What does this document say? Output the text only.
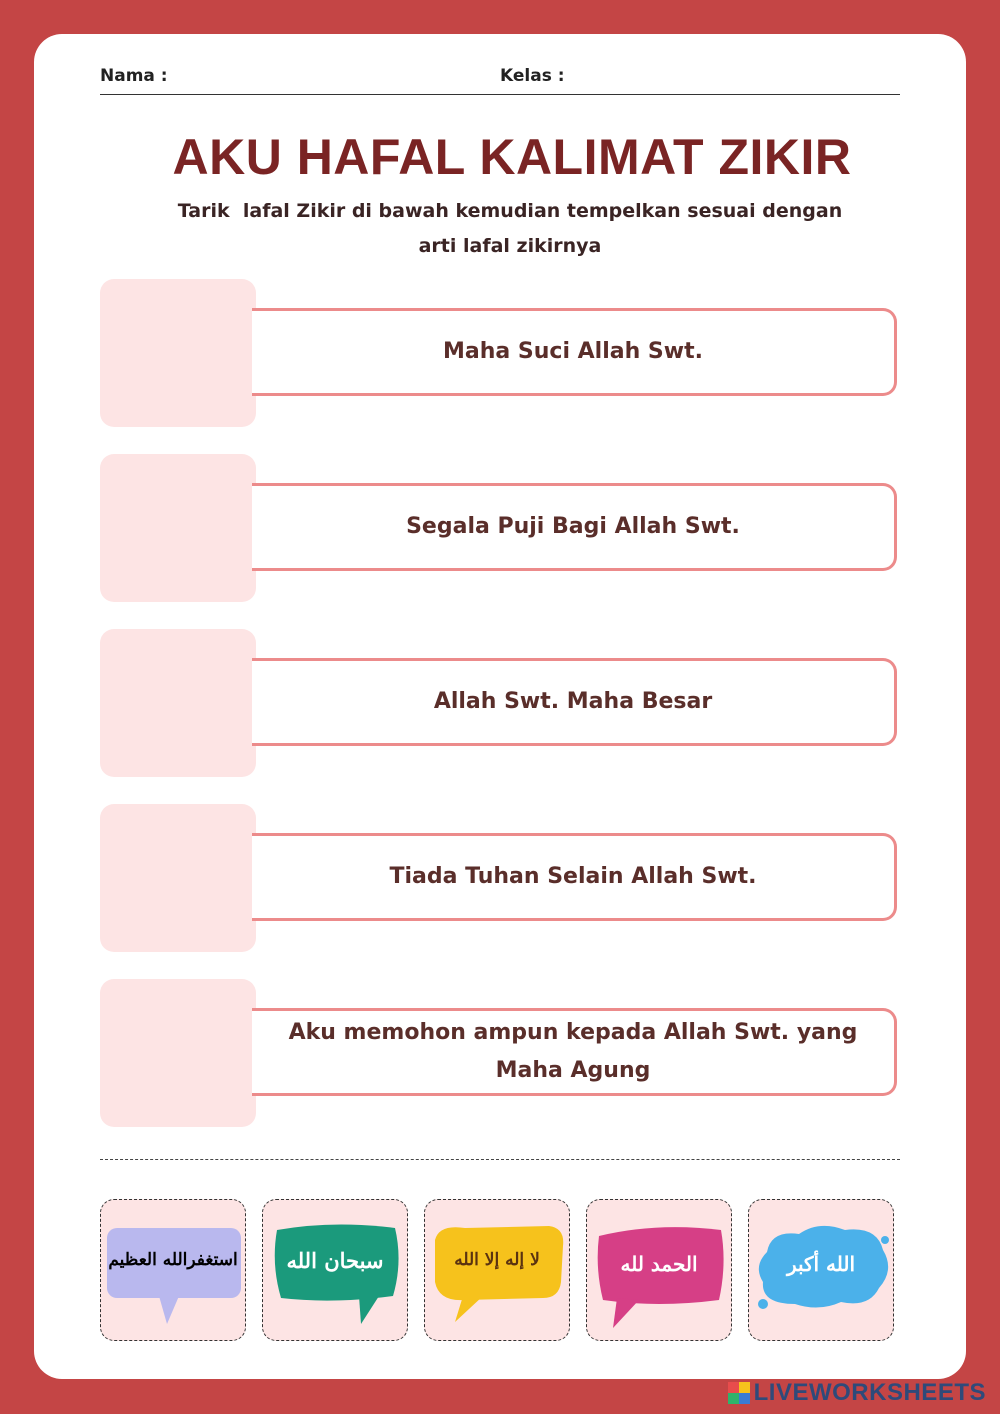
Nama :	Kelas :
AKU HAFAL KALIMAT ZIKIR
Tarik  lafal Zikir di bawah kemudian tempelkan sesuai dengan
arti lafal zikirnya
Maha Suci Allah Swt.
Segala Puji Bagi Allah Swt.
Allah Swt. Maha Besar
Tiada Tuhan Selain Allah Swt.
Aku memohon ampun kepada Allah Swt. yang Maha Agung
استغفرالله العظيم	سبحان الله	لا إله إلا الله	الحمد لله	الله أكبر
LIVEWORKSHEETS
